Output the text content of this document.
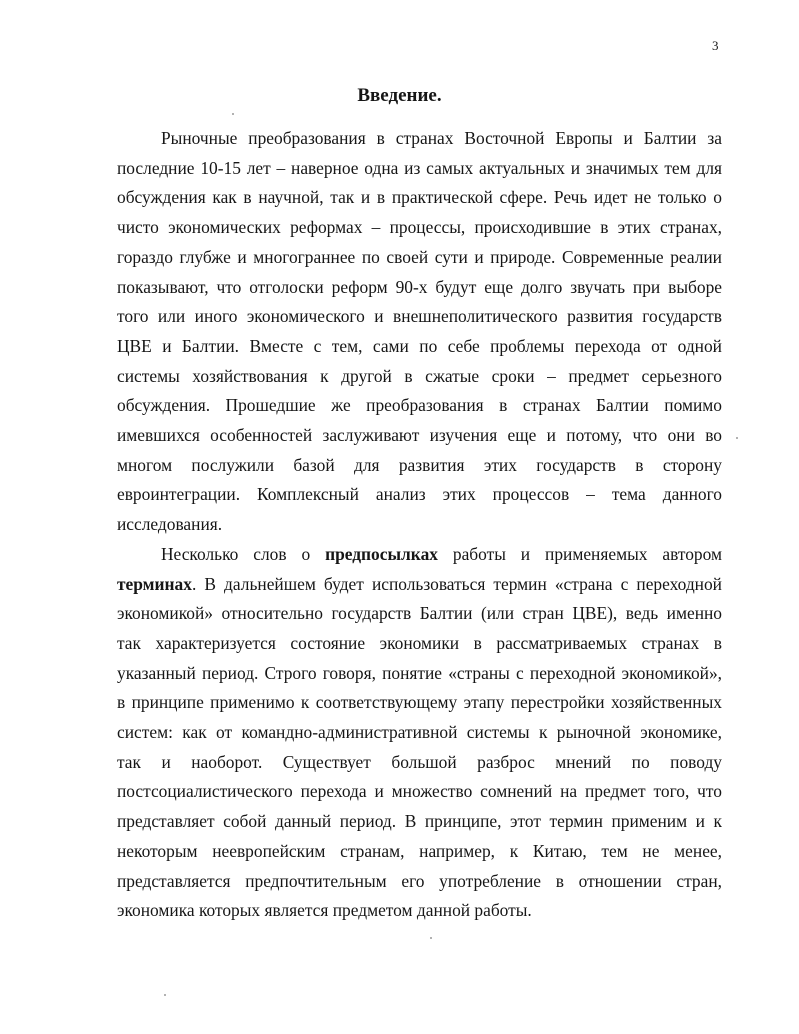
3
Введение.
Рыночные преобразования в странах Восточной Европы и Балтии за
последние 10-15 лет – наверное одна из самых актуальных и значимых тем для
обсуждения как в научной, так и в практической сфере. Речь идет не только о
чисто экономических реформах – процессы, происходившие в этих странах,
гораздо глубже и многограннее по своей сути и природе. Современные реалии
показывают, что отголоски реформ 90-х будут еще долго звучать при выборе
того или иного экономического и внешнеполитического развития государств
ЦВЕ и Балтии. Вместе с тем, сами по себе проблемы перехода от одной
системы хозяйствования к другой в сжатые сроки – предмет серьезного
обсуждения. Прошедшие же преобразования в странах Балтии помимо
имевшихся особенностей заслуживают изучения еще и потому, что они во
многом послужили базой для развития этих государств в сторону
евроинтеграции. Комплексный анализ этих процессов – тема данного
исследования.
Несколько слов о предпосылках работы и применяемых автором
терминах. В дальнейшем будет использоваться термин «страна с переходной
экономикой» относительно государств Балтии (или стран ЦВЕ), ведь именно
так характеризуется состояние экономики в рассматриваемых странах в
указанный период. Строго говоря, понятие «страны с переходной экономикой»,
в принципе применимо к соответствующему этапу перестройки хозяйственных
систем: как от командно-административной системы к рыночной экономике,
так и наоборот. Существует большой разброс мнений по поводу
постсоциалистического перехода и множество сомнений на предмет того, что
представляет собой данный период. В принципе, этот термин применим и к
некоторым неевропейским странам, например, к Китаю, тем не менее,
представляется предпочтительным его употребление в отношении стран,
экономика которых является предметом данной работы.
